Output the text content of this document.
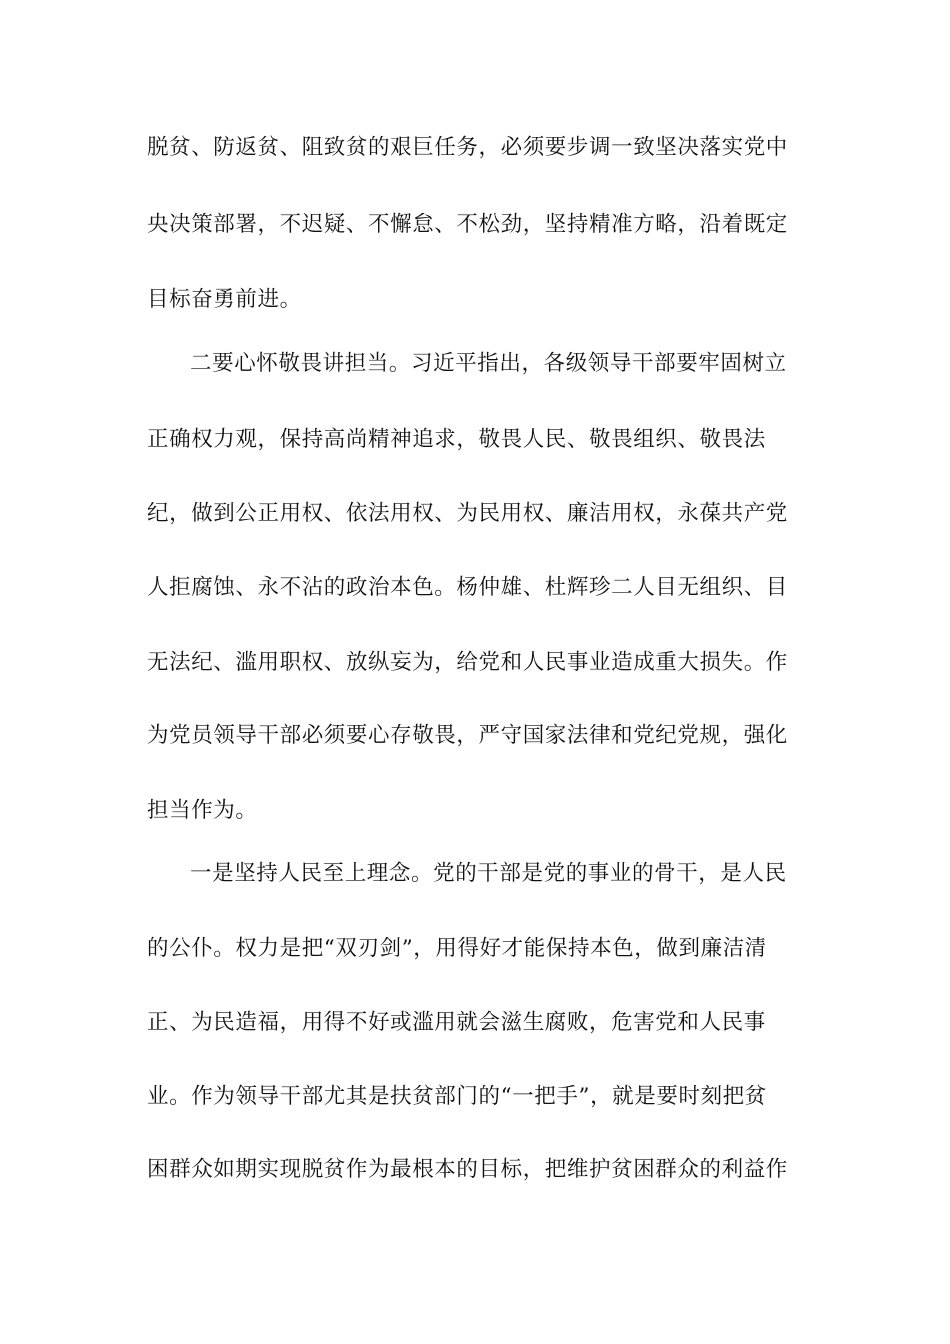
脱贫、防返贫、阻致贫的艰巨任务，必须要步调一致坚决落实党中
央决策部署，不迟疑、不懈怠、不松劲，坚持精准方略，沿着既定
目标奋勇前进。
二要心怀敬畏讲担当。习近平指出，各级领导干部要牢固树立
正确权力观，保持高尚精神追求，敬畏人民、敬畏组织、敬畏法
纪，做到公正用权、依法用权、为民用权、廉洁用权，永葆共产党
人拒腐蚀、永不沾的政治本色。杨仲雄、杜辉珍二人目无组织、目
无法纪、滥用职权、放纵妄为，给党和人民事业造成重大损失。作
为党员领导干部必须要心存敬畏，严守国家法律和党纪党规，强化
担当作为。
一是坚持人民至上理念。党的干部是党的事业的骨干，是人民
的公仆。权力是把“双刃剑”，用得好才能保持本色，做到廉洁清
正、为民造福，用得不好或滥用就会滋生腐败，危害党和人民事
业。作为领导干部尤其是扶贫部门的“一把手”，就是要时刻把贫
困群众如期实现脱贫作为最根本的目标，把维护贫困群众的利益作
